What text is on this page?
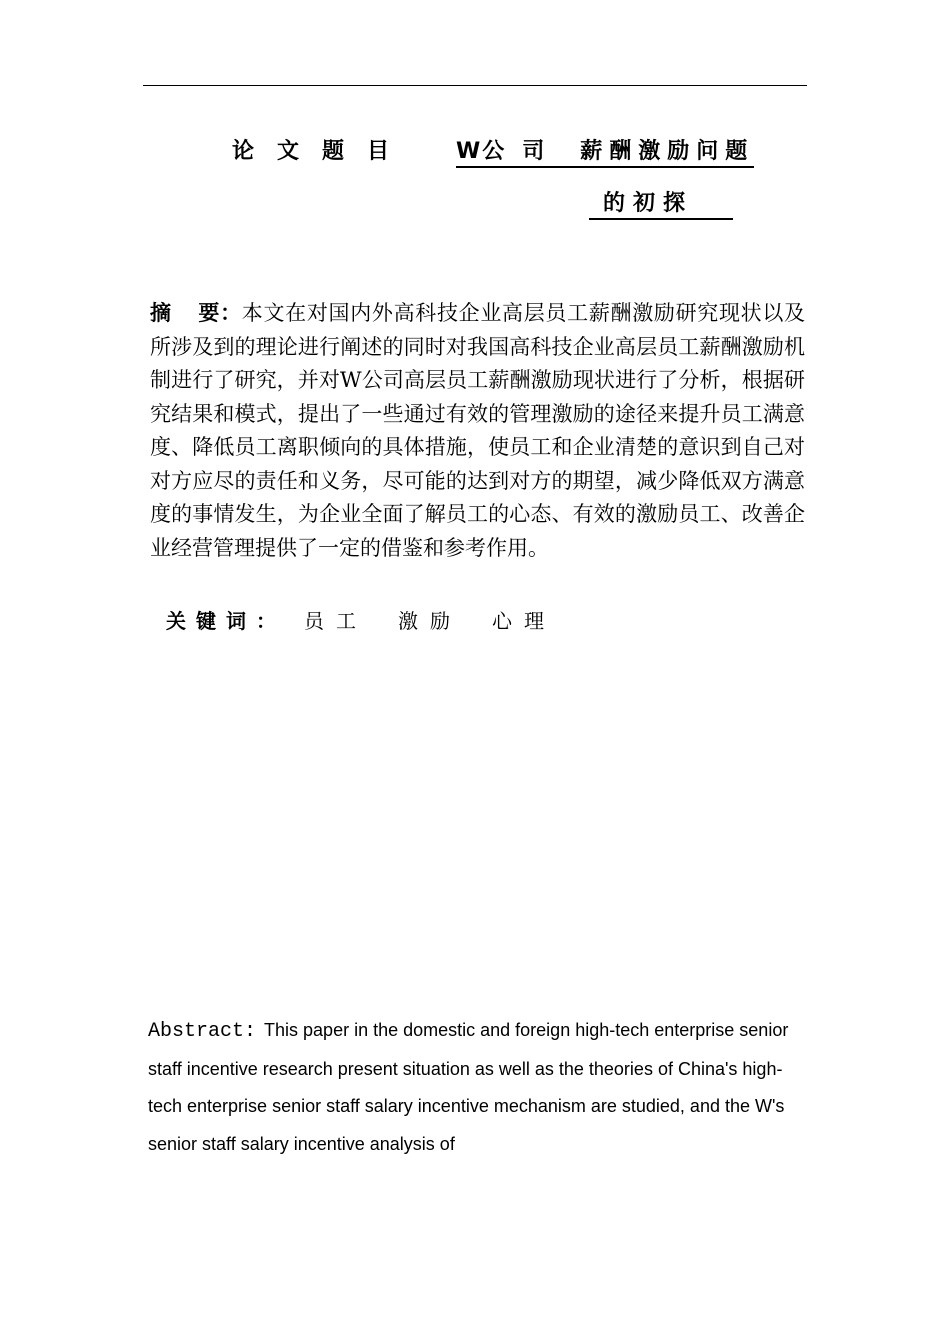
论文题目 W公司 薪酬激励问题
的初探
摘 要：本文在对国内外高科技企业高层员工薪酬激励研究现状以及所涉及到的理论进行阐述的同时对我国高科技企业高层员工薪酬激励机制进行了研究，并对W公司高层员工薪酬激励现状进行了分析，根据研究结果和模式，提出了一些通过有效的管理激励的途径来提升员工满意度、降低员工离职倾向的具体措施，使员工和企业清楚的意识到自己对对方应尽的责任和义务，尽可能的达到对方的期望，减少降低双方满意度的事情发生，为企业全面了解员工的心态、有效的激励员工、改善企业经营管理提供了一定的借鉴和参考作用。
关键词： 员工 激励 心理
Abstract: This paper in the domestic and foreign high-tech enterprise senior staff incentive research present situation as well as the theories of China's high-tech enterprise senior staff salary incentive mechanism are studied, and the W's senior staff salary incentive analysis of
